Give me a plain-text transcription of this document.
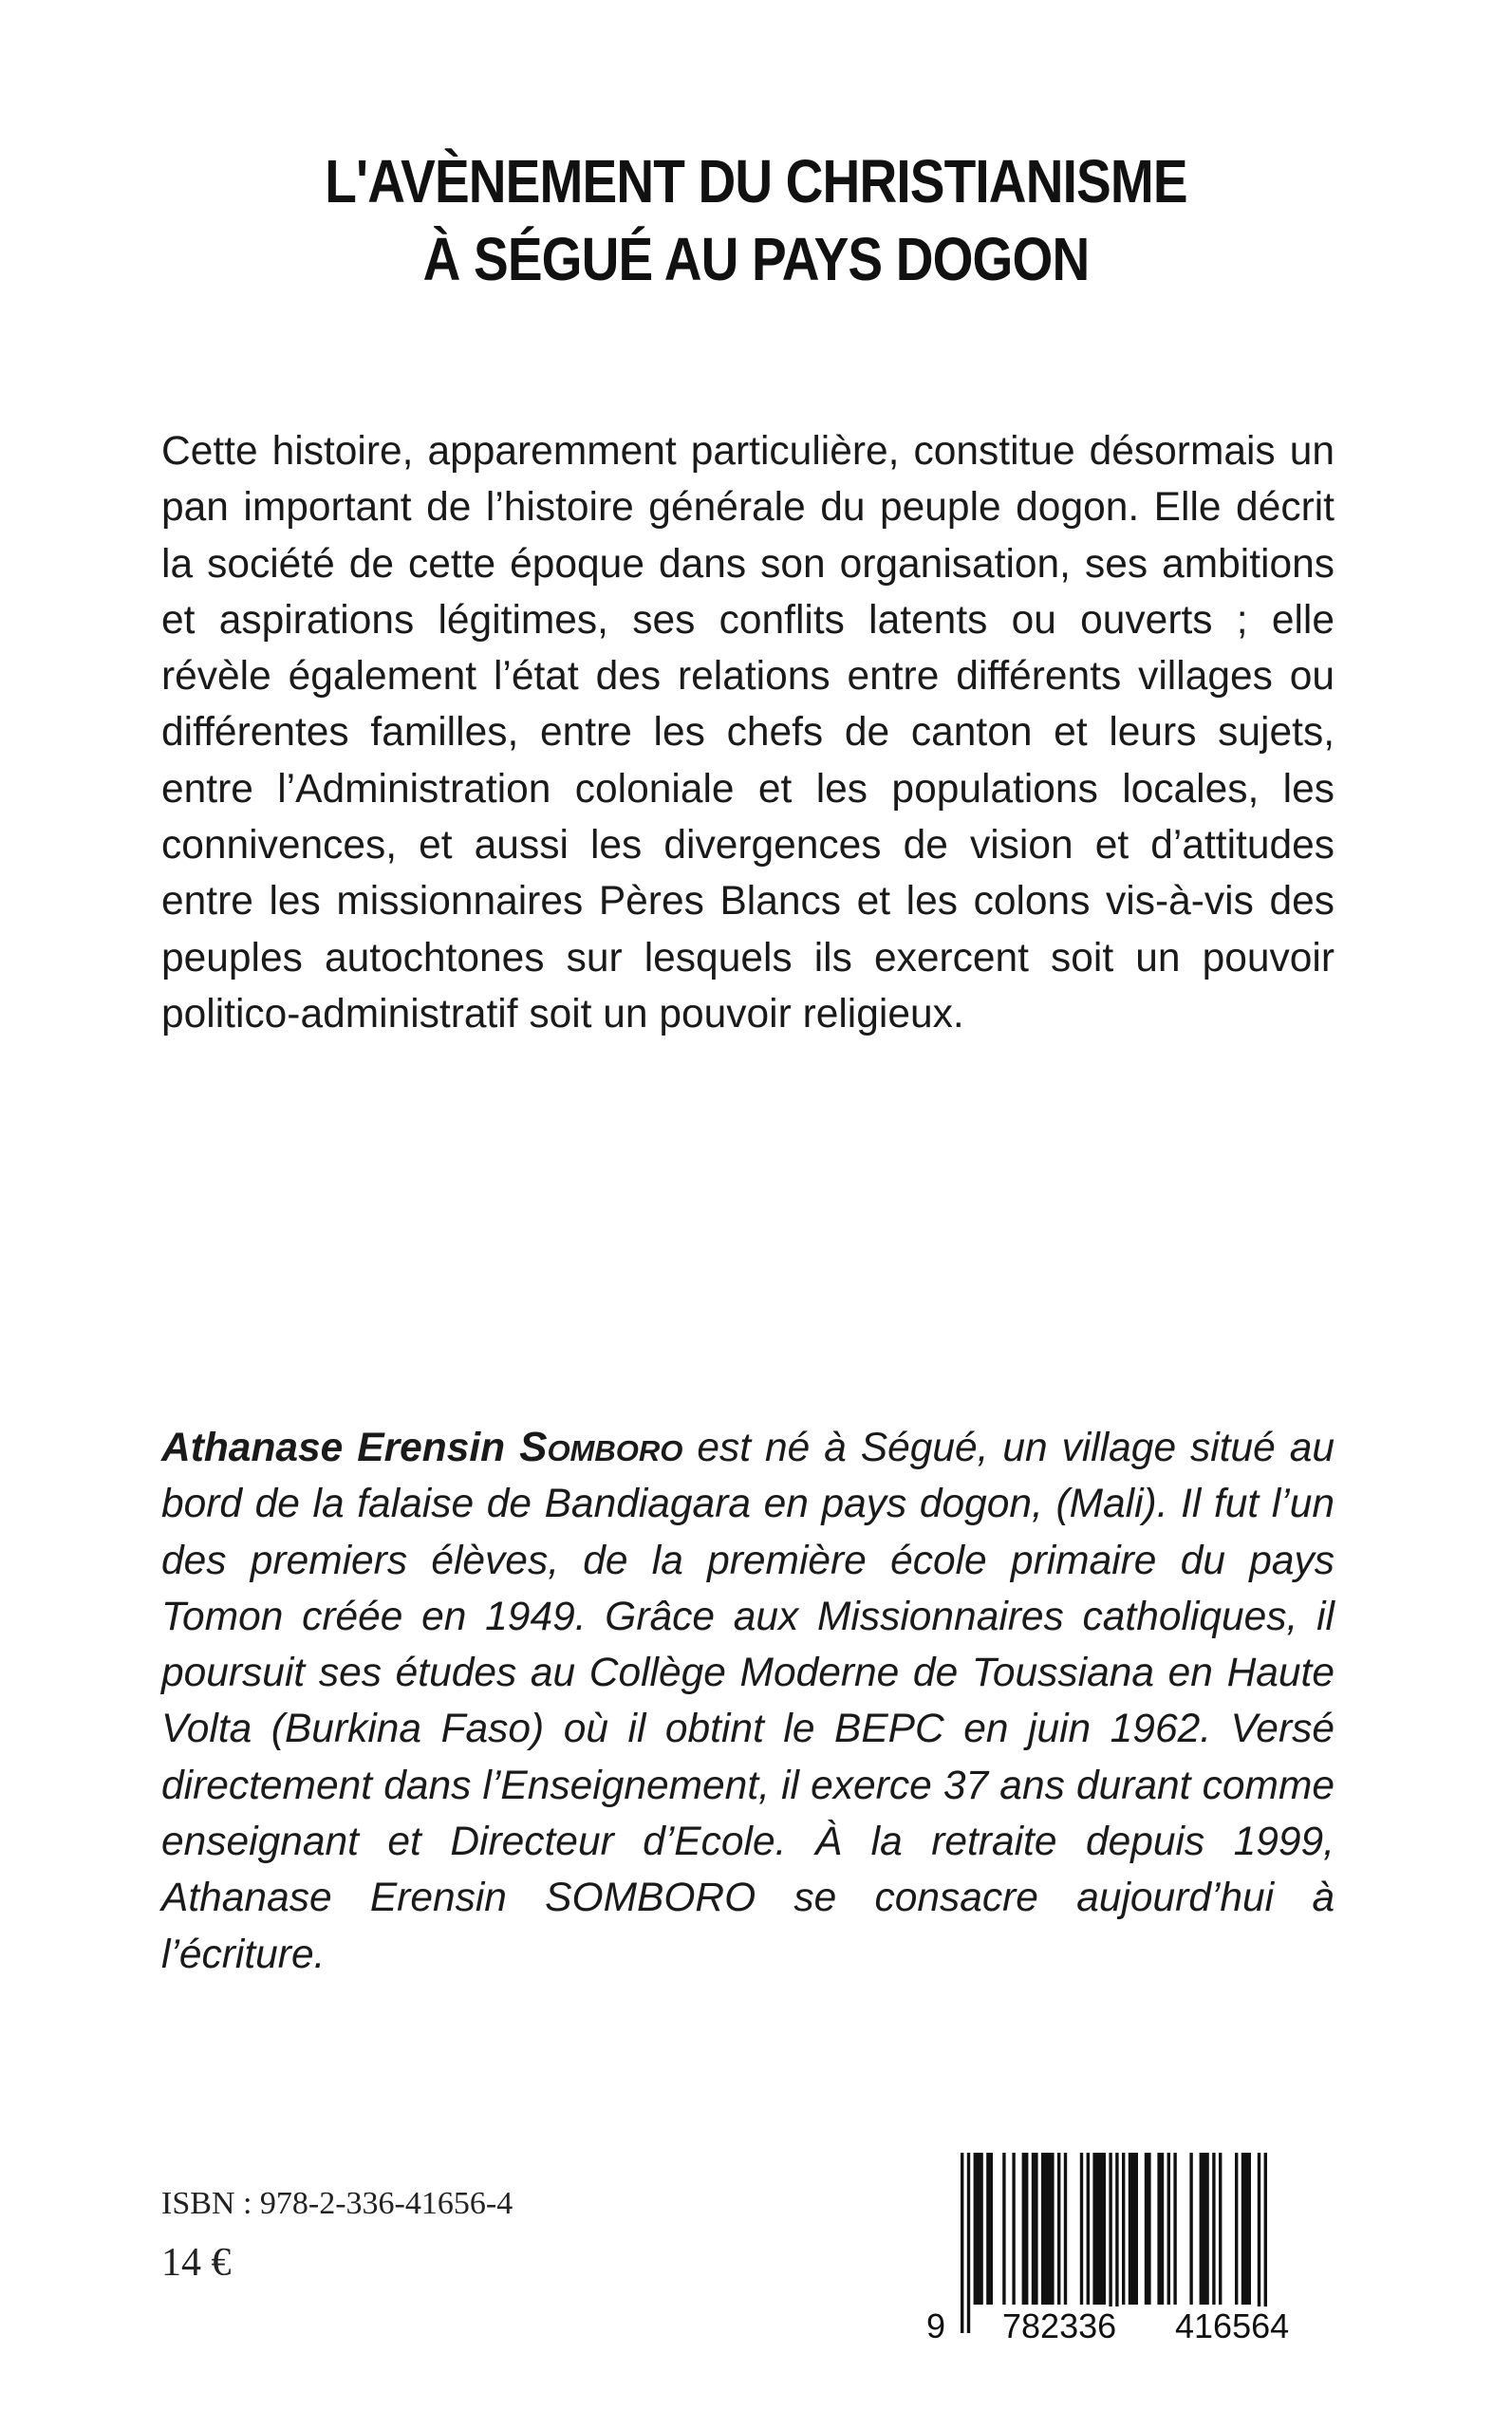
L'AVÈNEMENT DU CHRISTIANISME
À SÉGUÉ AU PAYS DOGON

Cette histoire, apparemment particulière, constitue désormais un pan important de l’histoire générale du peuple dogon. Elle décrit la société de cette époque dans son organisation, ses ambitions et aspirations légitimes, ses conflits latents ou ouverts ; elle révèle également l’état des relations entre différents villages ou différentes familles, entre les chefs de canton et leurs sujets, entre l’Administration coloniale et les populations locales, les connivences, et aussi les divergences de vision et d’attitudes entre les missionnaires Pères Blancs et les colons vis-à-vis des peuples autochtones sur lesquels ils exercent soit un pouvoir politico-administratif soit un pouvoir religieux.

Athanase Erensin Somboro est né à Ségué, un village situé au bord de la falaise de Bandiagara en pays dogon, (Mali). Il fut l’un des premiers élèves, de la première école primaire du pays Tomon créée en 1949. Grâce aux Missionnaires catholiques, il poursuit ses études au Collège Moderne de Toussiana en Haute Volta (Burkina Faso) où il obtint le BEPC en juin 1962. Versé directement dans l’Enseignement, il exerce 37 ans durant comme enseignant et Directeur d’Ecole. À la retraite depuis 1999, Athanase Erensin SOMBORO se consacre aujourd’hui à l’écriture.

ISBN : 978-2-336-41656-4
14 €
9 782336 416564
